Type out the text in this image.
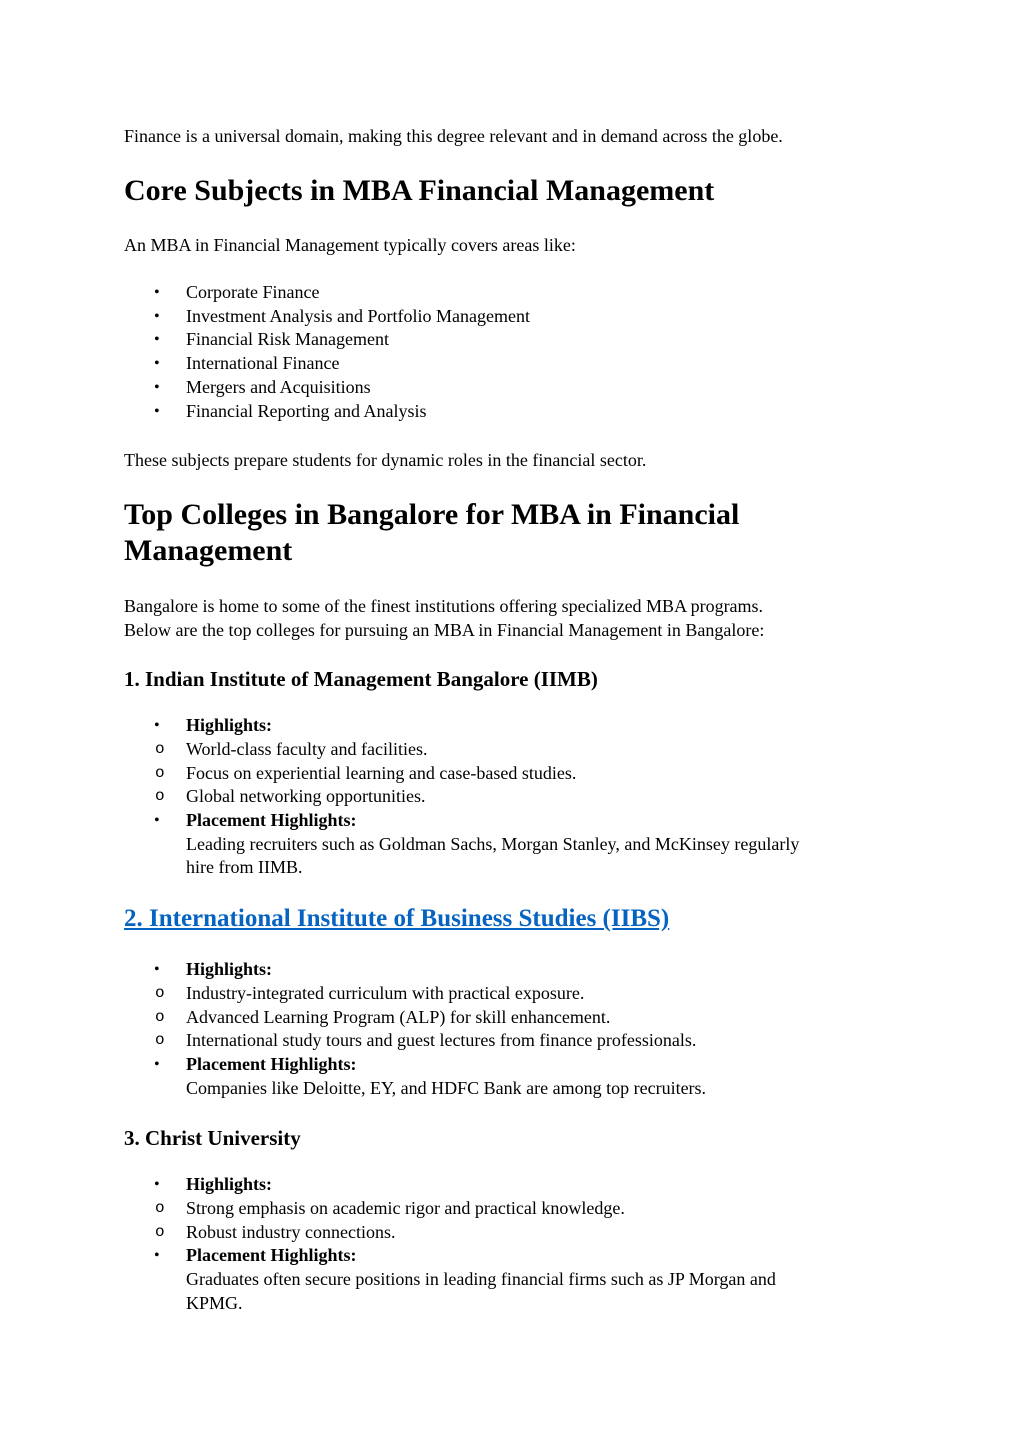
Finance is a universal domain, making this degree relevant and in demand across the globe.

Core Subjects in MBA Financial Management

An MBA in Financial Management typically covers areas like:

• Corporate Finance
• Investment Analysis and Portfolio Management
• Financial Risk Management
• International Finance
• Mergers and Acquisitions
• Financial Reporting and Analysis

These subjects prepare students for dynamic roles in the financial sector.

Top Colleges in Bangalore for MBA in Financial
Management

Bangalore is home to some of the finest institutions offering specialized MBA programs.
Below are the top colleges for pursuing an MBA in Financial Management in Bangalore:

1. Indian Institute of Management Bangalore (IIMB)
• Highlights:
o World-class faculty and facilities.
o Focus on experiential learning and case-based studies.
o Global networking opportunities.
• Placement Highlights:
Leading recruiters such as Goldman Sachs, Morgan Stanley, and McKinsey regularly
hire from IIMB.
2. International Institute of Business Studies (IIBS)
• Highlights:
o Industry-integrated curriculum with practical exposure.
o Advanced Learning Program (ALP) for skill enhancement.
o International study tours and guest lectures from finance professionals.
• Placement Highlights:
Companies like Deloitte, EY, and HDFC Bank are among top recruiters.
3. Christ University
• Highlights:
o Strong emphasis on academic rigor and practical knowledge.
o Robust industry connections.
• Placement Highlights:
Graduates often secure positions in leading financial firms such as JP Morgan and
KPMG.
